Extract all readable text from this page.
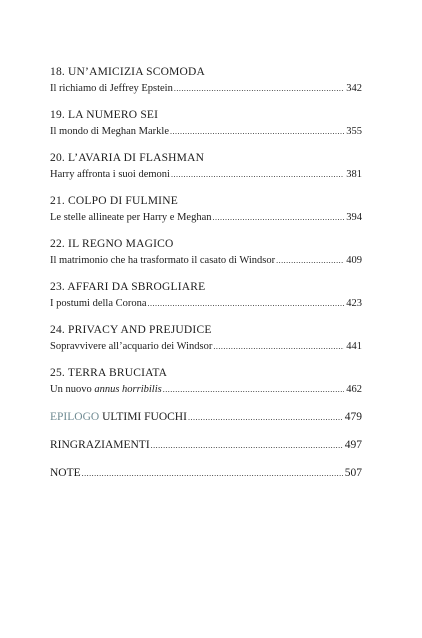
18. UN’AMICIZIA SCOMODA
Il richiamo di Jeffrey Epstein .....	342
19. LA NUMERO SEI
Il mondo di Meghan Markle .....	355
20. L’AVARIA DI FLASHMAN
Harry affronta i suoi demoni .....	381
21. COLPO DI FULMINE
Le stelle allineate per Harry e Meghan .....	394
22. IL REGNO MAGICO
Il matrimonio che ha trasformato il casato di Windsor .....	409
23. AFFARI DA SBROGLIARE
I postumi della Corona .....	423
24. PRIVACY AND PREJUDICE
Sopravvivere all’acquario dei Windsor .....	441
25. TERRA BRUCIATA
Un nuovo annus horribilis .....	462
EPILOGO ULTIMI FUOCHI .....	479
RINGRAZIAMENTI .....	497
NOTE .....	507
